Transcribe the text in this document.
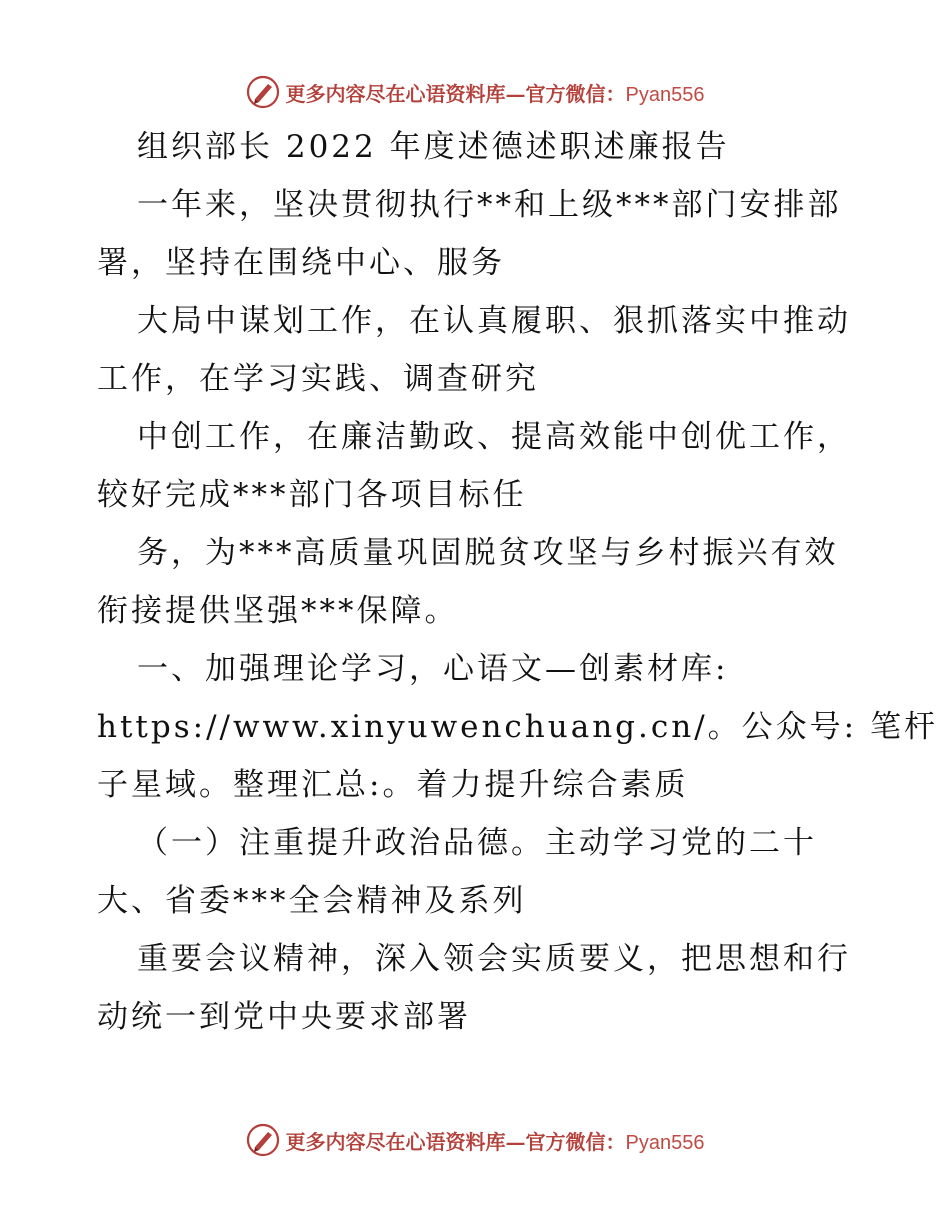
更多内容尽在心语资料库—官方微信：Pyan556
组织部长 2022 年度述德述职述廉报告
一年来，坚决贯彻执行**和上级***部门安排部
署，坚持在围绕中心、服务
大局中谋划工作，在认真履职、狠抓落实中推动
工作，在学习实践、调查研究
中创工作，在廉洁勤政、提高效能中创优工作，
较好完成***部门各项目标任
务，为***高质量巩固脱贫攻坚与乡村振兴有效
衔接提供坚强***保障。
一、加强理论学习，心语文—创素材库:
https://www.xinyuwenchuang.cn/。公众号: 笔杆
子星域。整理汇总:。着力提升综合素质
（一）注重提升政治品德。主动学习党的二十
大、省委***全会精神及系列
重要会议精神，深入领会实质要义，把思想和行
动统一到党中央要求部署
更多内容尽在心语资料库—官方微信：Pyan556
